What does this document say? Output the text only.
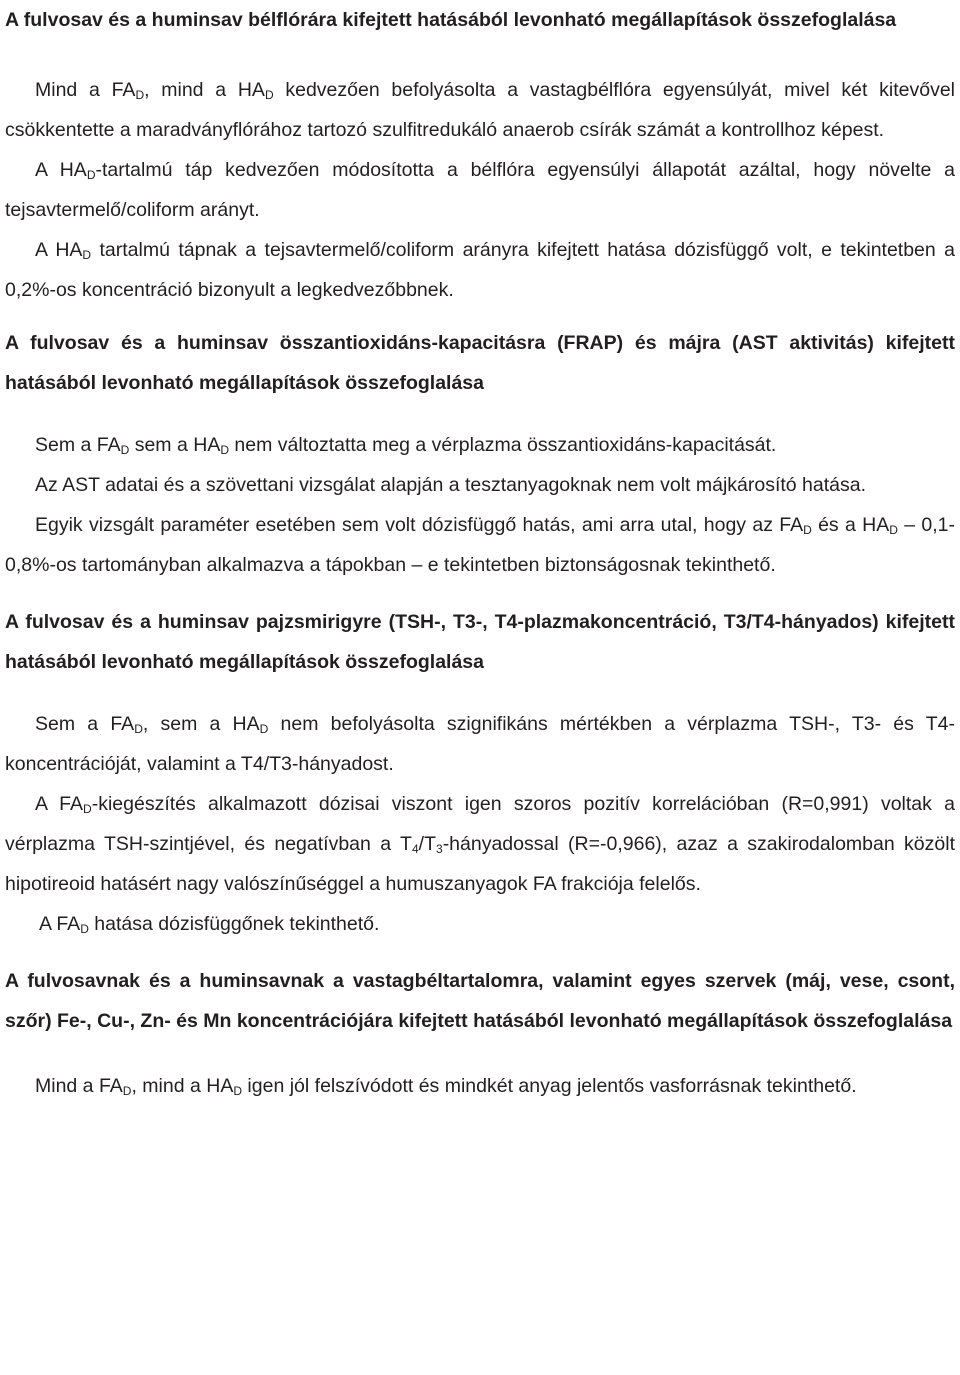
A fulvosav és a huminsav bélflórára kifejtett hatásából levonható megállapítások összefoglalása

Mind a $FA_D$, mind a $HA_D$ kedvezően befolyásolta a vastagbélflóra egyensúlyát, mivel két kitevővel csökkentette a maradványflórához tartozó szulfitredukáló anaerob csírák számát a kontrollhoz képest.

A $HA_D$-tartalmú táp kedvezően módosította a bélflóra egyensúlyi állapotát azáltal, hogy növelte a tejsavtermelő/coliform arányt.

A $HA_D$ tartalmú tápnak a tejsavtermelő/coliform arányra kifejtett hatása dózisfüggő volt, e tekintetben a 0,2%-os koncentráció bizonyult a legkedvezőbbnek.

A fulvosav és a huminsav összantioxidáns-kapacitásra (FRAP) és májra (AST aktivitás) kifejtett hatásából levonható megállapítások összefoglalása

Sem a $FA_D$ sem a $HA_D$ nem változtatta meg a vérplazma összantioxidáns-kapacitását.

Az AST adatai és a szövettani vizsgálat alapján a tesztanyagoknak nem volt májkárosító hatása.

Egyik vizsgált paraméter esetében sem volt dózisfüggő hatás, ami arra utal, hogy az $FA_D$ és a $HA_D - 0,1-0,8\%-os$ tartományban alkalmazva a tápokban – e tekintetben biztonságosnak tekinthető.

A fulvosav és a huminsav pajzsmirigyre (TSH-, T3-, T4-plazmakoncentráció, T3/T4-hányados) kifejtett hatásából levonható megállapítások összefoglalása

Sem a $FA_D$, sem a $HA_D$ nem befolyásolta szignifikáns mértékben a vérplazma TSH-, T3- és T4-koncentrációját, valamint a T4/T3-hányadost.

A $FA_D$-kiegészítés alkalmazott dózisai viszont igen szoros pozitív korrelációban (R=0,991) voltak a vérplazma TSH-szintjével, és negatívban a $T_4/T_3$-hányadossal (R=-0,966), azaz a szakirodalomban közölt hipotireoid hatásért nagy valószínűséggel a humuszanyagok FA frakciója felelős.

A $FA_D$ hatása dózisfüggőnek tekinthető.

A fulvosavnak és a huminsavnak a vastagbéltartalomra, valamint egyes szervek (máj, vese, csont, szőr) Fe-, Cu-, Zn- és Mn koncentrációjára kifejtett hatásából levonható megállapítások összefoglalása

Mind a $FA_D$, mind a $HA_D$ igen jól felszívódott és mindkét anyag jelentős vasforrásnak tekinthető.
